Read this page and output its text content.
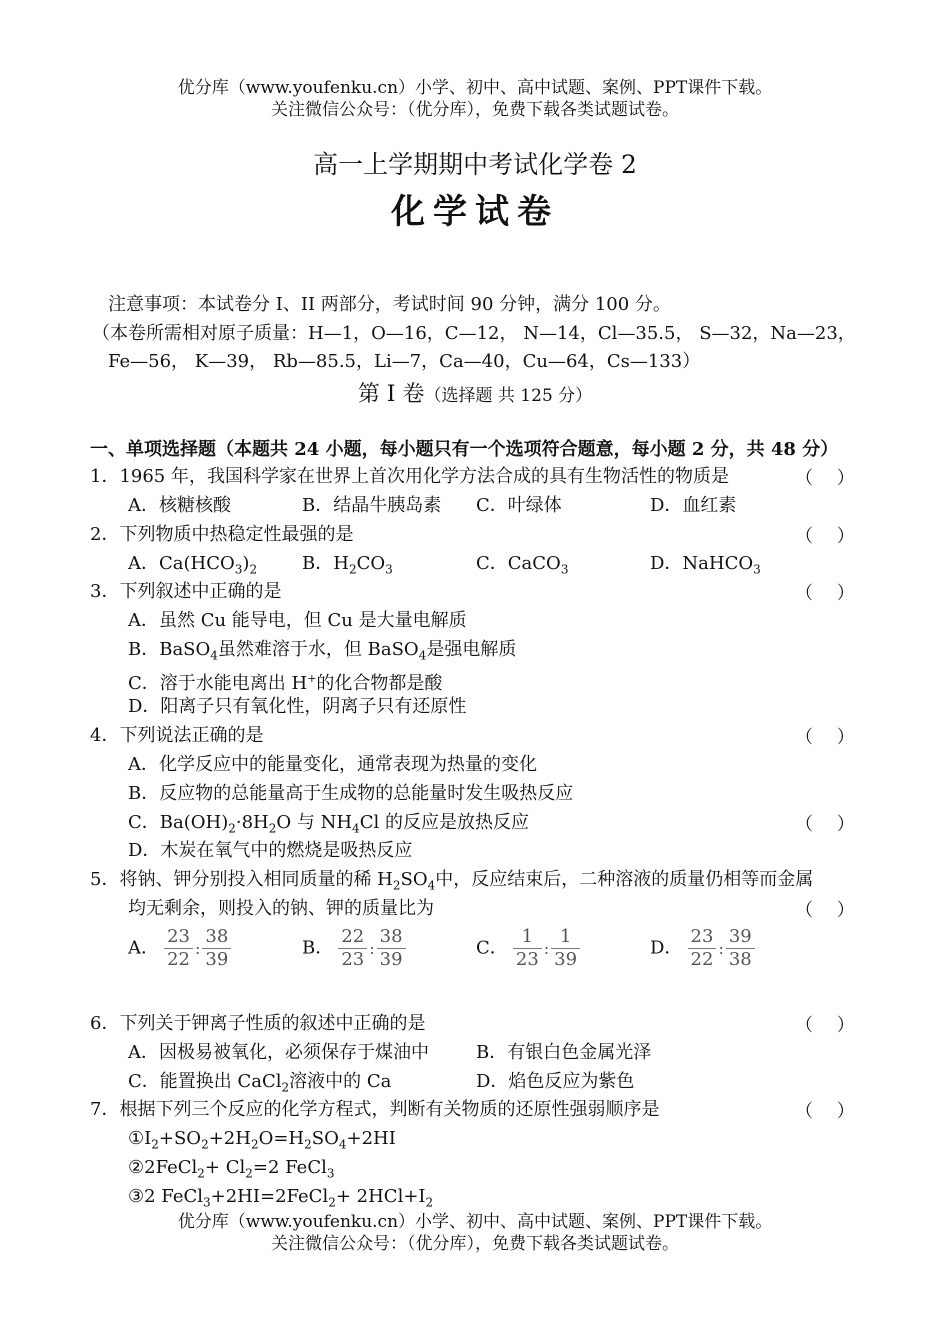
优分库（www.youfenku.cn）小学、初中、高中试题、案例、PPT课件下载。
关注微信公众号：（优分库），免费下载各类试题试卷。
高一上学期期中考试化学卷 2
化学试卷
注意事项：本试卷分 I、II 两部分，考试时间 90 分钟，满分 100 分。
（本卷所需相对原子质量：H—1，O—16，C—12， N—14，Cl—35.5， S—32，Na—23，
Fe—56， K—39， Rb—85.5，Li—7，Ca—40，Cu—64，Cs—133）
第 I 卷（选择题 共 125 分）
一、单项选择题（本题共 24 小题，每小题只有一个选项符合题意，每小题 2 分，共 48 分）
1．1965 年，我国科学家在世界上首次用化学方法合成的具有生物活性的物质是	（　 ）
A．核糖核酸	B．结晶牛胰岛素 C．叶绿体	D．血红素
2．下列物质中热稳定性最强的是	（　 ）
A．$Ca(HCO_3)_2$ B．$H_2CO_3$	C．CaCO$_3$	D．NaHCO$_3$
3．下列叙述中正确的是	（　 ）
A．虽然 Cu 能导电，但 Cu 是大量电解质
B．BaSO$_4$虽然难溶于水，但 BaSO$_4$是强电解质
C．溶于水能电离出 H+的化合物都是酸
D．阳离子只有氧化性，阴离子只有还原性
4．下列说法正确的是	（　 ）
A．化学反应中的能量变化，通常表现为热量的变化
B．反应物的总能量高于生成物的总能量时发生吸热反应
C．$Ba(OH)_2\cdot 8H_2O$ 与 $NH_4Cl$ 的反应是放热反应	（　 ）
D．木炭在氧气中的燃烧是吸热反应
5．将钠、钾分别投入相同质量的稀 $H_2SO_4$中，反应结束后，二种溶液的质量仍相等而金属
均无剩余，则投入的钠、钾的质量比为	（　 ）
A． $\frac{23}{22}$ : $\frac{38}{39}$	B． $\frac{22}{23}$ : $\frac{38}{39}$	C． $\frac{1}{23}$ : $\frac{1}{39}$	D． $\frac{23}{22}$ : $\frac{39}{38}$
6．下列关于钾离子性质的叙述中正确的是	（　 ）
A．因极易被氧化，必须保存于煤油中	B．有银白色金属光泽
C．能置换出 CaCl$_2$溶液中的 Ca	D．焰色反应为紫色
7．根据下列三个反应的化学方程式，判断有关物质的还原性强弱顺序是	（　 ）
$①I_2+SO_2+2H_2O=H_2SO_4+2HI$
②2FeCl$_2$+ $Cl_2=2$ FeCl$_3$
③2 FeCl$_3$+2HI=2FeCl$_2$+ $2HCl+I_2$
优分库（www.youfenku.cn）小学、初中、高中试题、案例、PPT课件下载。
关注微信公众号：（优分库），免费下载各类试题试卷。
